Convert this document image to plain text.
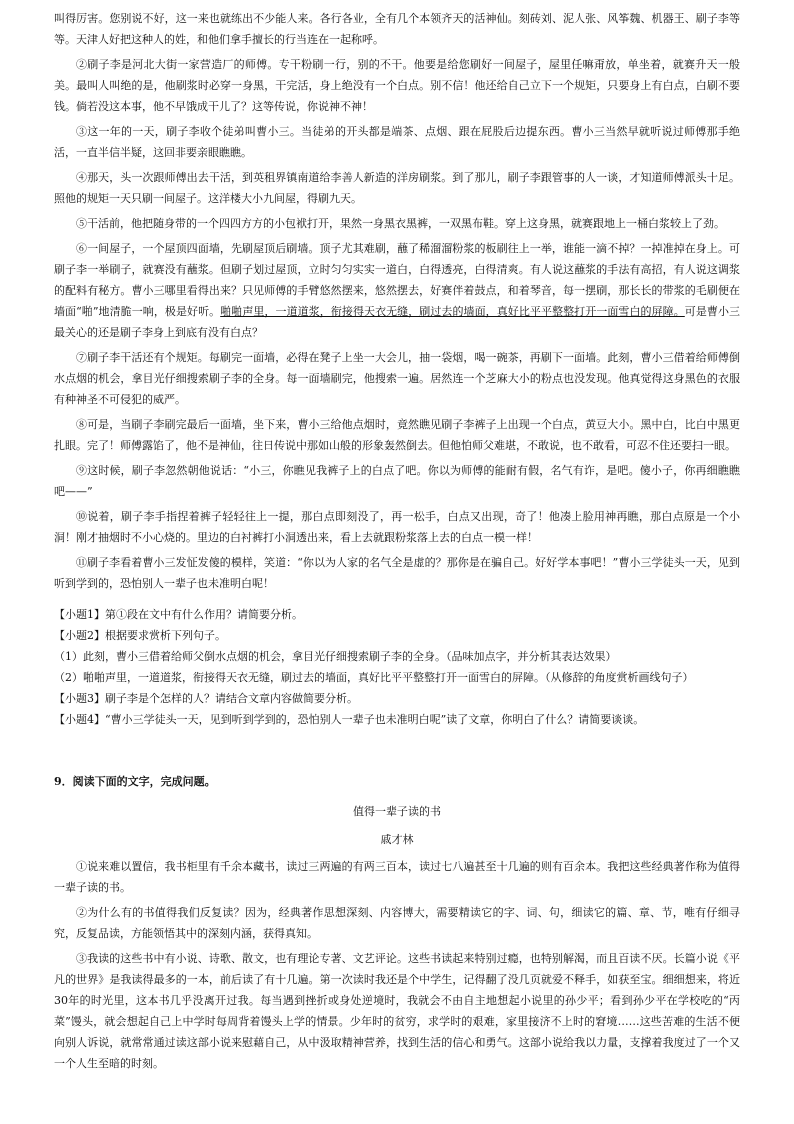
叫得厉害。您别说不好，这一来也就练出不少能人来。各行各业，全有几个本领齐天的活神仙。刻砖刘、泥人张、风筝魏、机器王、刷子李等等。天津人好把这种人的姓，和他们拿手擅长的行当连在一起称呼。

②刷子李是河北大街一家营造厂的师傅。专干粉刷一行，别的不干。他要是给您刷好一间屋子，屋里任嘛甭放，单坐着，就赛升天一般美。最叫人叫绝的是，他刷浆时必穿一身黑，干完活，身上绝没有一个白点。别不信！他还给自己立下一个规矩，只要身上有白点，白刷不要钱。倘若没这本事，他不早饿成干儿了？这等传说，你说神不神！

③这一年的一天，刷子李收个徒弟叫曹小三。当徒弟的开头都是端茶、点烟、跟在屁股后边提东西。曹小三当然早就听说过师傅那手绝活，一直半信半疑，这回非要亲眼瞧瞧。

④那天，头一次跟师傅出去干活，到英租界镇南道给李善人新造的洋房刷浆。到了那儿，刷子李跟管事的人一谈，才知道师傅派头十足。照他的规矩一天只刷一间屋子。这洋楼大小九间屋，得刷九天。

⑤干活前，他把随身带的一个四四方方的小包袱打开，果然一身黑衣黑裤，一双黑布鞋。穿上这身黑，就赛跟地上一桶白浆较上了劲。

⑥一间屋子，一个屋顶四面墙，先刷屋顶后刷墙。顶子尤其难刷，蘸了稀溜溜粉浆的板刷往上一举，谁能一滴不掉？一掉准掉在身上。可刷子李一举刷子，就赛没有蘸浆。但刷子划过屋顶，立时匀匀实实一道白，白得透亮，白得清爽。有人说这蘸浆的手法有高招，有人说这调浆的配料有秘方。曹小三哪里看得出来？只见师傅的手臂悠然摆来，悠然摆去，好赛伴着鼓点，和着琴音，每一摆刷，那长长的带浆的毛刷便在墙面“啪”地清脆一响，极是好听。啪啪声里，一道道浆，衔接得天衣无缝，刷过去的墙面，真好比平平整整打开一面雪白的屏障。可是曹小三最关心的还是刷子李身上到底有没有白点？

⑦刷子李干活还有个规矩。每刷完一面墙，必得在凳子上坐一大会儿，抽一袋烟，喝一碗茶，再刷下一面墙。此刻，曹小三借着给师傅倒水点烟的机会，拿目光仔细搜索刷子李的全身。每一面墙刷完，他搜索一遍。居然连一个芝麻大小的粉点也没发现。他真觉得这身黑色的衣服有种神圣不可侵犯的威严。

⑧可是，当刷子李刷完最后一面墙，坐下来，曹小三给他点烟时，竟然瞧见刷子李裤子上出现一个白点，黄豆大小。黑中白，比白中黑更扎眼。完了！师傅露馅了，他不是神仙，往日传说中那如山般的形象轰然倒去。但他怕师父难堪，不敢说，也不敢看，可忍不住还要扫一眼。

⑨这时候，刷子李忽然朝他说话：“小三，你瞧见我裤子上的白点了吧。你以为师傅的能耐有假，名气有诈，是吧。傻小子，你再细瞧瞧吧——”

⑩说着，刷子李手指捏着裤子轻轻往上一提，那白点即刻没了，再一松手，白点又出现，奇了！他凑上脸用神再瞧，那白点原是一个小洞！刚才抽烟时不小心烧的。里边的白衬裤打小洞透出来，看上去就跟粉浆落上去的白点一模一样！

⑪刷子李看着曹小三发怔发傻的模样，笑道：“你以为人家的名气全是虚的？那你是在骗自己。好好学本事吧！”曹小三学徒头一天，见到听到学到的，恐怕别人一辈子也未准明白呢！

【小题1】第①段在文中有什么作用？请简要分析。

【小题2】根据要求赏析下列句子。

（1）此刻，曹小三借着给师父倒水点烟的机会，拿目光仔细搜索刷子李的全身。（品味加点字，并分析其表达效果）

（2）啪啪声里，一道道浆，衔接得天衣无缝，刷过去的墙面，真好比平平整整打开一面雪白的屏障。（从修辞的角度赏析画线句子）

【小题3】刷子李是个怎样的人？请结合文章内容做简要分析。

【小题4】“曹小三学徒头一天，见到听到学到的，恐怕别人一辈子也未准明白呢”读了文章，你明白了什么？请简要谈谈。

9．阅读下面的文字，完成问题。

值得一辈子读的书

戚才林

①说来难以置信，我书柜里有千余本藏书，读过三两遍的有两三百本，读过七八遍甚至十几遍的则有百余本。我把这些经典著作称为值得一辈子读的书。

②为什么有的书值得我们反复读？因为，经典著作思想深刻、内容博大，需要精读它的字、词、句，细读它的篇、章、节，唯有仔细寻究，反复品读，方能领悟其中的深刻内涵，获得真知。

③我读的这些书中有小说、诗歌、散文，也有理论专著、文艺评论。这些书读起来特别过瘾，也特别解渴，而且百读不厌。长篇小说《平凡的世界》是我读得最多的一本，前后读了有十几遍。第一次读时我还是个中学生，记得翻了没几页就爱不释手，如获至宝。细细想来，将近30年的时光里，这本书几乎没离开过我。每当遇到挫折或身处逆境时，我就会不由自主地想起小说里的孙少平；看到孙少平在学校吃的“丙菜”馒头，就会想起自己上中学时每周背着馒头上学的情景。少年时的贫穷，求学时的艰难，家里接济不上时的窘境……这些苦难的生活不便向别人诉说，就常常通过读这部小说来慰藉自己，从中汲取精神营养，找到生活的信心和勇气。这部小说给我以力量，支撑着我度过了一个又一个人生至暗的时刻。
